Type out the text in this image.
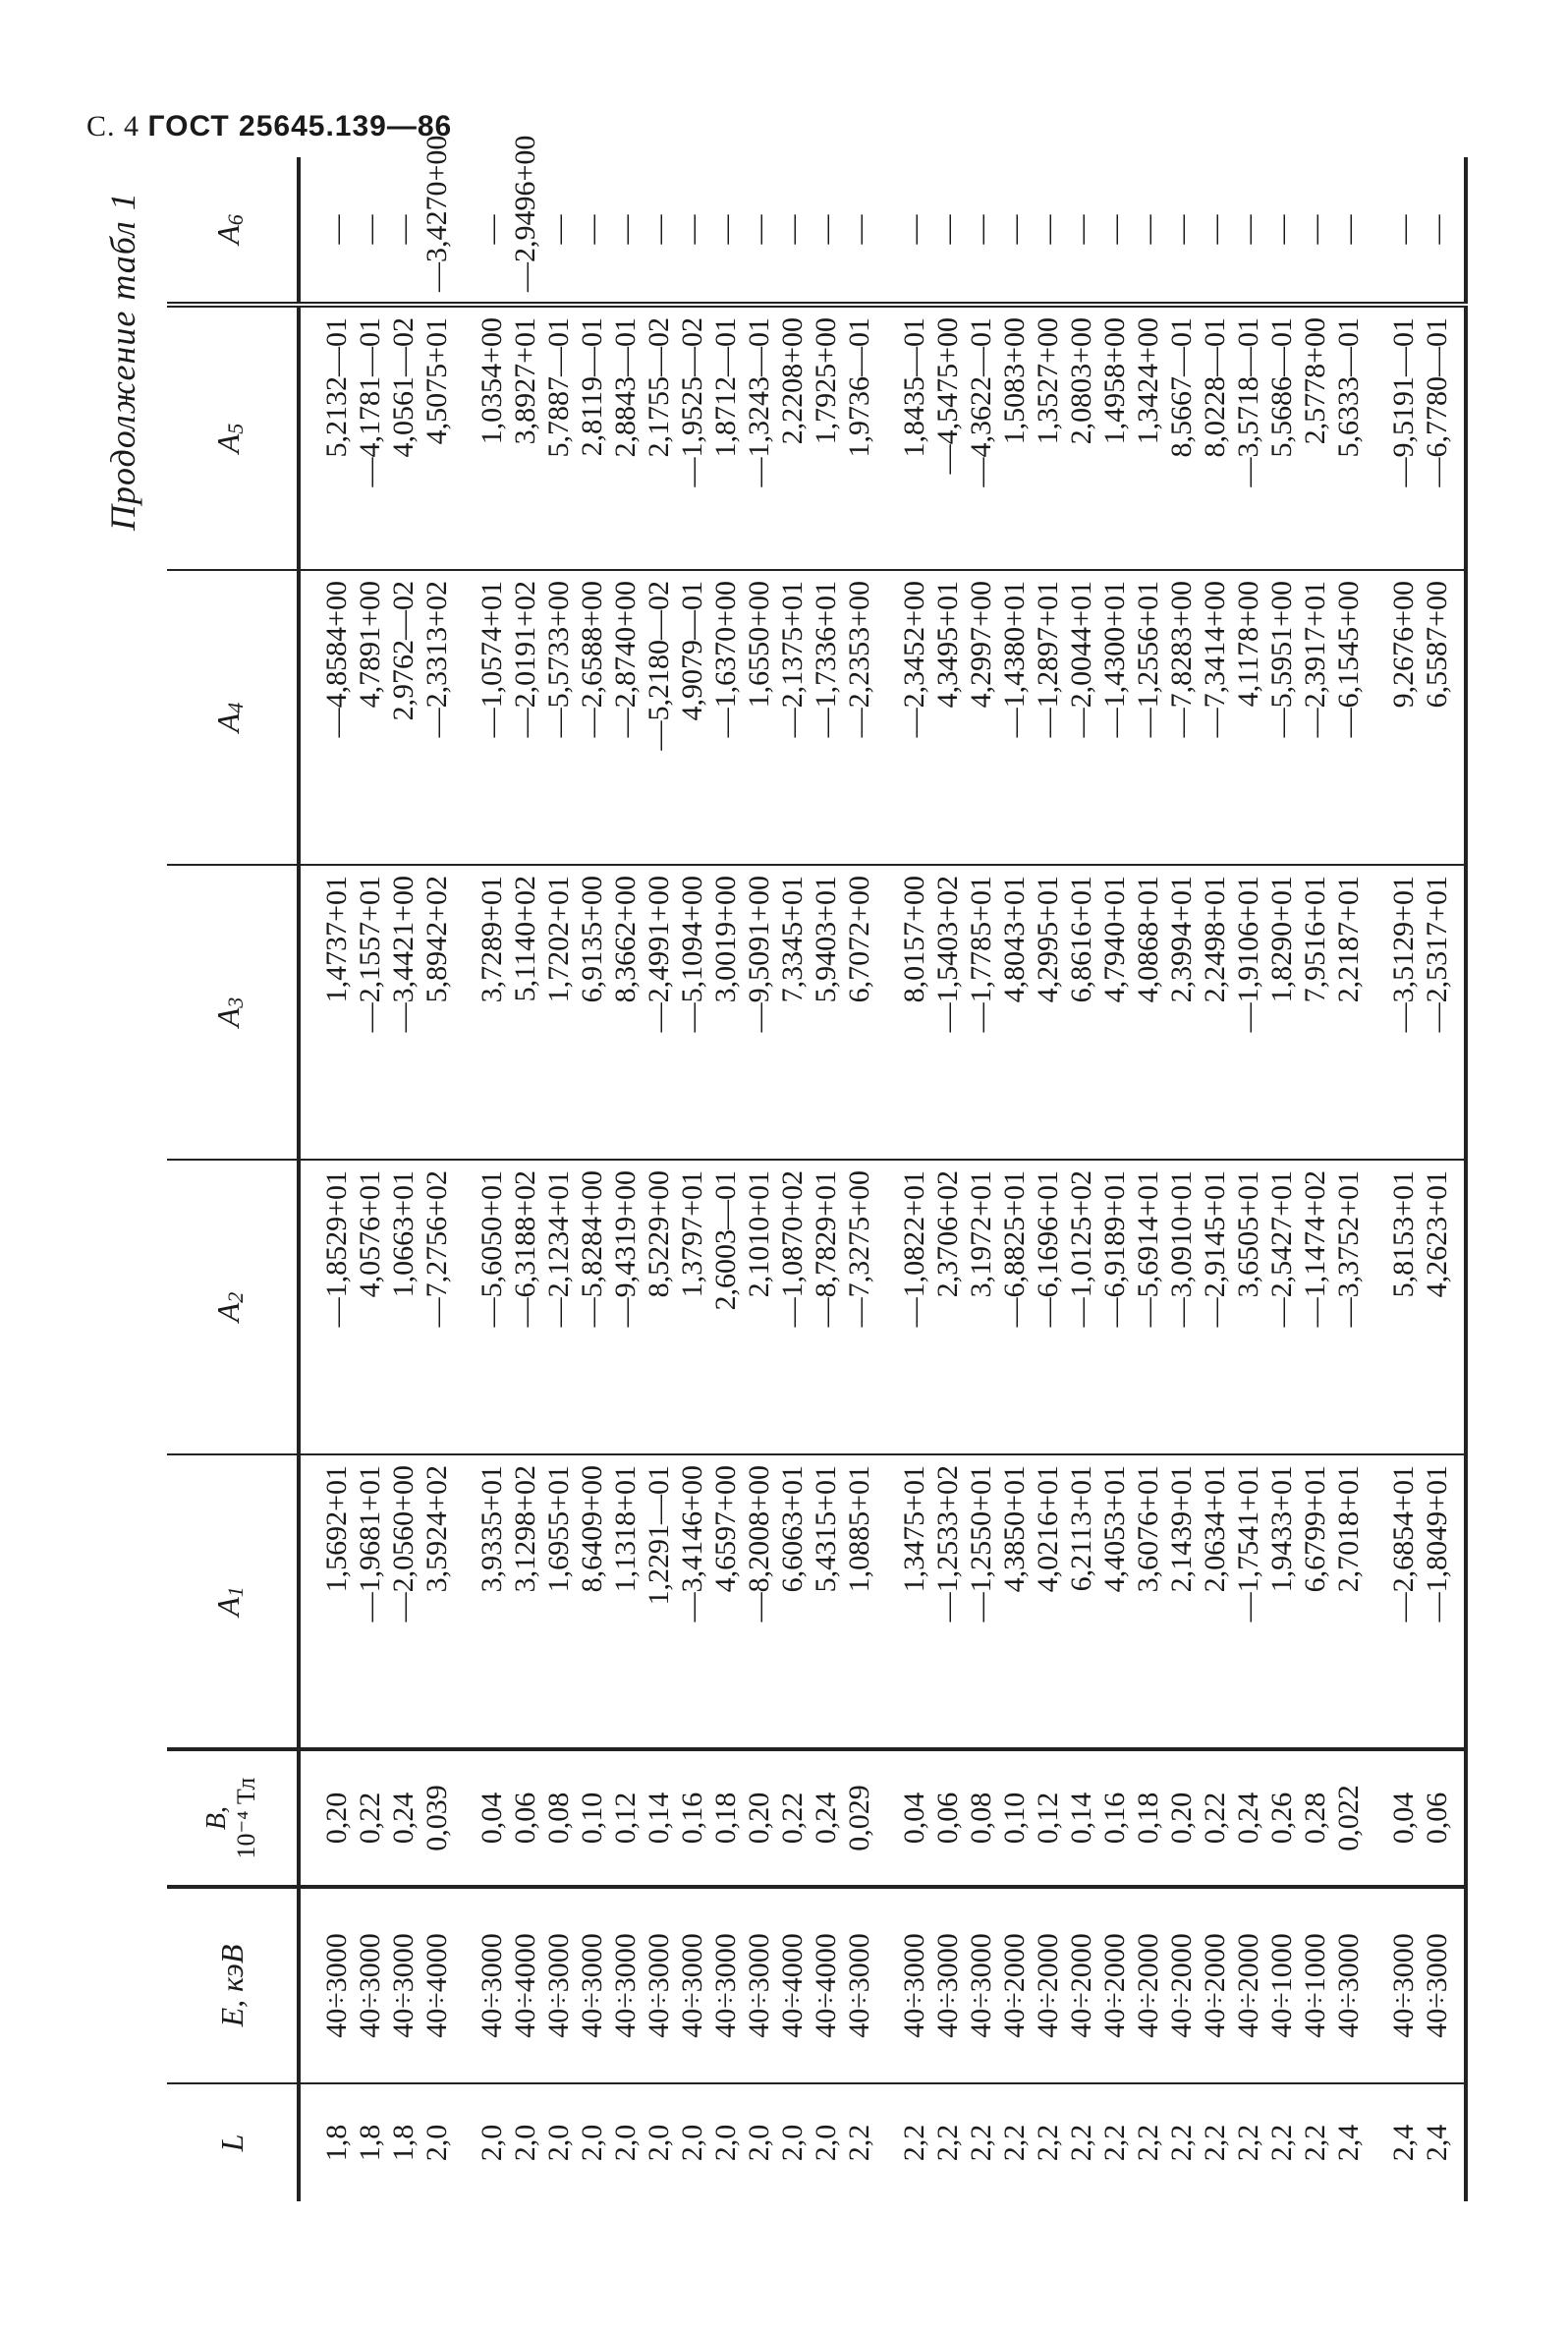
С. 4 ГОСТ 25645.139—86
Продолжение табл 1
L	E, кэВ	B, 10⁻⁴ Тл	A1	A2	A3	A4	A5	A6
1,8	40÷3000	0,20	1,5692+01	—1,8529+01	1,4737+01	—4,8584+00	5,2132—01	—
1,8	40÷3000	0,22	—1,9681+01	4,0576+01	—2,1557+01	4,7891+00	—4,1781—01	—
1,8	40÷3000	0,24	—2,0560+00	1,0663+01	—3,4421+00	2,9762—02	4,0561—02	—
2,0	40÷4000	0,039	3,5924+02	—7,2756+02	5,8942+02	—2,3313+02	4,5075+01	—3,4270+00
2,0	40÷3000	0,04	3,9335+01	—5,6050+01	3,7289+01	—1,0574+01	1,0354+00	—
2,0	40÷4000	0,06	3,1298+02	—6,3188+02	5,1140+02	—2,0191+02	3,8927+01	—2,9496+00
2,0	40÷3000	0,08	1,6955+01	—2,1234+01	1,7202+01	—5,5733+00	5,7887—01	—
2,0	40÷3000	0,10	8,6409+00	—5,8284+00	6,9135+00	—2,6588+00	2,8119—01	—
2,0	40÷3000	0,12	1,1318+01	—9,4319+00	8,3662+00	—2,8740+00	2,8843—01	—
2,0	40÷3000	0,14	1,2291—01	8,5229+00	—2,4991+00	—5,2180—02	2,1755—02	—
2,0	40÷3000	0,16	—3,4146+00	1,3797+01	—5,1094+00	4,9079—01	—1,9525—02	—
2,0	40÷3000	0,18	4,6597+00	2,6003—01	3,0019+00	—1,6370+00	1,8712—01	—
2,0	40÷3000	0,20	—8,2008+00	2,1010+01	—9,5091+00	1,6550+00	—1,3243—01	—
2,0	40÷4000	0,22	6,6063+01	—1,0870+02	7,3345+01	—2,1375+01	2,2208+00	—
2,0	40÷4000	0,24	5,4315+01	—8,7829+01	5,9403+01	—1,7336+01	1,7925+00	—
2,2	40÷3000	0,029	1,0885+01	—7,3275+00	6,7072+00	—2,2353+00	1,9736—01	—
2,2	40÷3000	0,04	1,3475+01	—1,0822+01	8,0157+00	—2,3452+00	1,8435—01	—
2,2	40÷3000	0,06	—1,2533+02	2,3706+02	—1,5403+02	4,3495+01	—4,5475+00	—
2,2	40÷3000	0,08	—1,2550+01	3,1972+01	—1,7785+01	4,2997+00	—4,3622—01	—
2,2	40÷2000	0,10	4,3850+01	—6,8825+01	4,8043+01	—1,4380+01	1,5083+00	—
2,2	40÷2000	0,12	4,0216+01	—6,1696+01	4,2995+01	—1,2897+01	1,3527+00	—
2,2	40÷2000	0,14	6,2113+01	—1,0125+02	6,8616+01	—2,0044+01	2,0803+00	—
2,2	40÷2000	0,16	4,4053+01	—6,9189+01	4,7940+01	—1,4300+01	1,4958+00	—
2,2	40÷2000	0,18	3,6076+01	—5,6914+01	4,0868+01	—1,2556+01	1,3424+00	—
2,2	40÷2000	0,20	2,1439+01	—3,0910+01	2,3994+01	—7,8283+00	8,5667—01	—
2,2	40÷2000	0,22	2,0634+01	—2,9145+01	2,2498+01	—7,3414+00	8,0228—01	—
2,2	40÷2000	0,24	—1,7541+01	3,6505+01	—1,9106+01	4,1178+00	—3,5718—01	—
2,2	40÷1000	0,26	1,9433+01	—2,5427+01	1,8290+01	—5,5951+00	5,5686—01	—
2,2	40÷1000	0,28	6,6799+01	—1,1474+02	7,9516+01	—2,3917+01	2,5778+00	—
2,4	40÷3000	0,022	2,7018+01	—3,3752+01	2,2187+01	—6,1545+00	5,6333—01	—
2,4	40÷3000	0,04	—2,6854+01	5,8153+01	—3,5129+01	9,2676+00	—9,5191—01	—
2,4	40÷3000	0,06	—1,8049+01	4,2623+01	—2,5317+01	6,5587+00	—6,7780—01	—
